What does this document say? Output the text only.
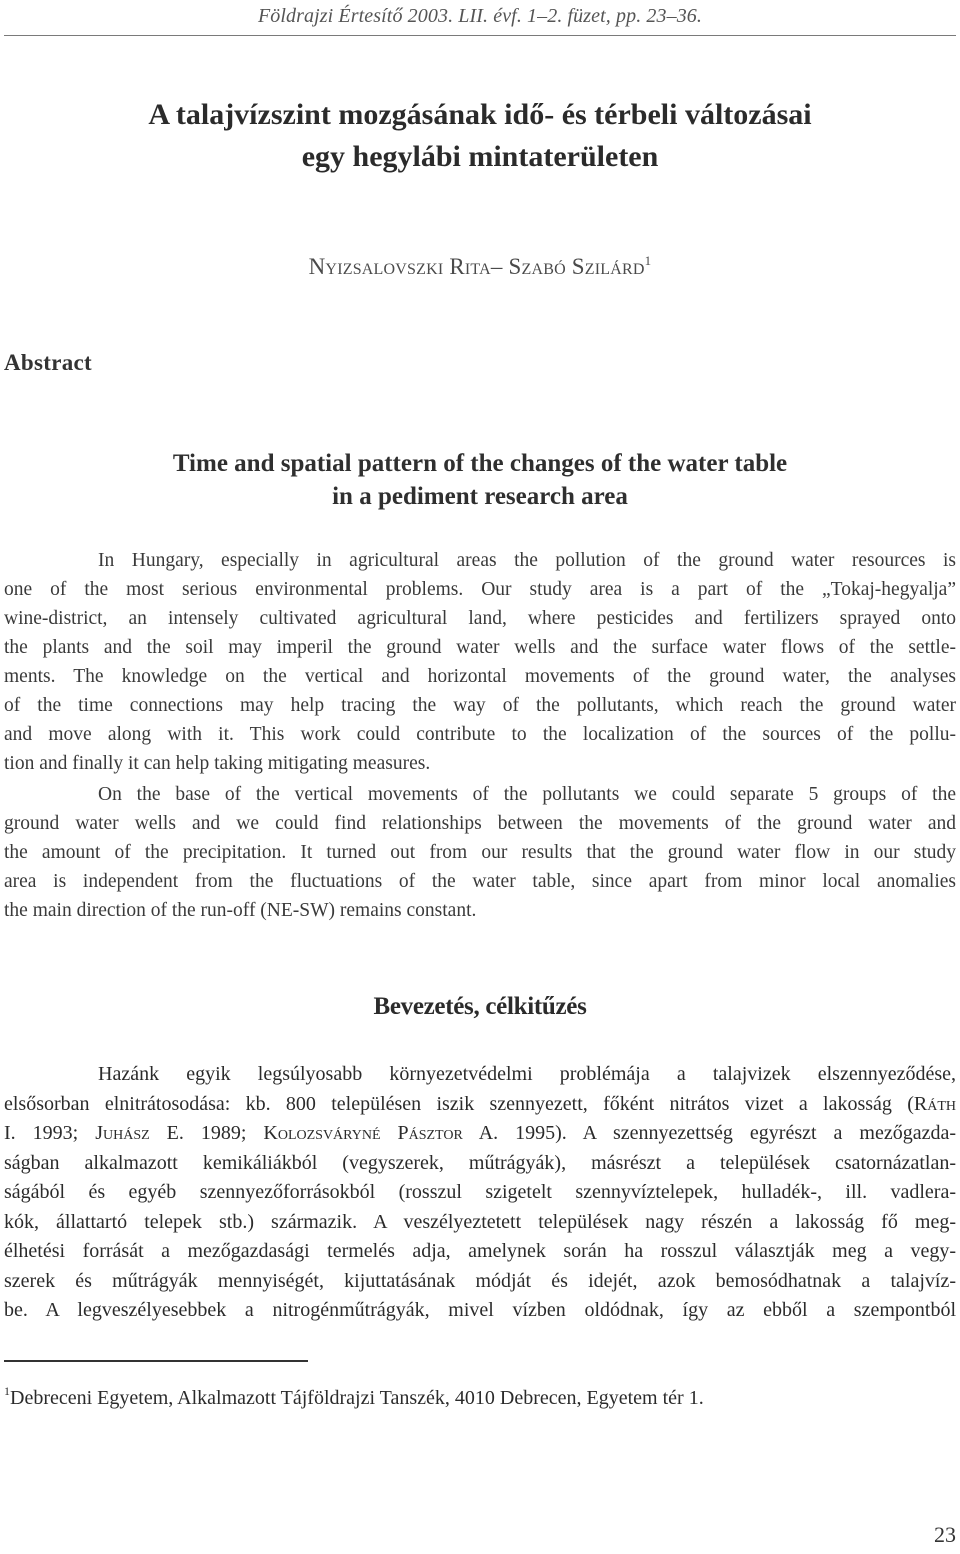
Földrajzi Értesítő 2003. LII. évf. 1–2. füzet, pp. 23–36.
A talajvízszint mozgásának idő- és térbeli változásai
egy hegylábi mintaterületen
Nyizsalovszki Rita– Szabó Szilárd$^1$
Abstract
Time and spatial pattern of the changes of the water table
in a pediment research area
In Hungary, especially in agricultural areas the pollution of the ground water resources is
one of the most serious environmental problems. Our study area is a part of the „Tokaj-hegyalja”
wine-district, an intensely cultivated agricultural land, where pesticides and fertilizers sprayed onto
the plants and the soil may imperil the ground water wells and the surface water flows of the settle-
ments. The knowledge on the vertical and horizontal movements of the ground water, the analyses
of the time connections may help tracing the way of the pollutants, which reach the ground water
and move along with it. This work could contribute to the localization of the sources of the pollu-
tion and finally it can help taking mitigating measures.
On the base of the vertical movements of the pollutants we could separate 5 groups of the
ground water wells and we could find relationships between the movements of the ground water and
the amount of the precipitation. It turned out from our results that the ground water flow in our study
area is independent from the fluctuations of the water table, since apart from minor local anomalies
the main direction of the run-off (NE-SW) remains constant.
Bevezetés, célkitűzés
Hazánk egyik legsúlyosabb környezetvédelmi problémája a talajvizek elszennyeződése,
elsősorban elnitrátosodása: kb. 800 településen iszik szennyezett, főként nitrátos vizet a lakosság (Ráth
I. 1993; Juhász E. 1989; Kolozsváryné Pásztor A. 1995). A szennyezettség egyrészt a mezőgazda-
ságban alkalmazott kemikáliákból (vegyszerek, műtrágyák), másrészt a települések csatornázatlan-
ságából és egyéb szennyezőforrásokból (rosszul szigetelt szennyvíztelepek, hulladék-, ill. vadlera-
kók, állattartó telepek stb.) származik. A veszélyeztetett települések nagy részén a lakosság fő meg-
élhetési forrását a mezőgazdasági termelés adja, amelynek során ha rosszul választják meg a vegy-
szerek és műtrágyák mennyiségét, kijuttatásának módját és idejét, azok bemosódhatnak a talajvíz-
be. A legveszélyesebbek a nitrogénműtrágyák, mivel vízben oldódnak, így az ebből a szempontból
$^1$Debreceni Egyetem, Alkalmazott Tájföldrajzi Tanszék, 4010 Debrecen, Egyetem tér 1.
23
